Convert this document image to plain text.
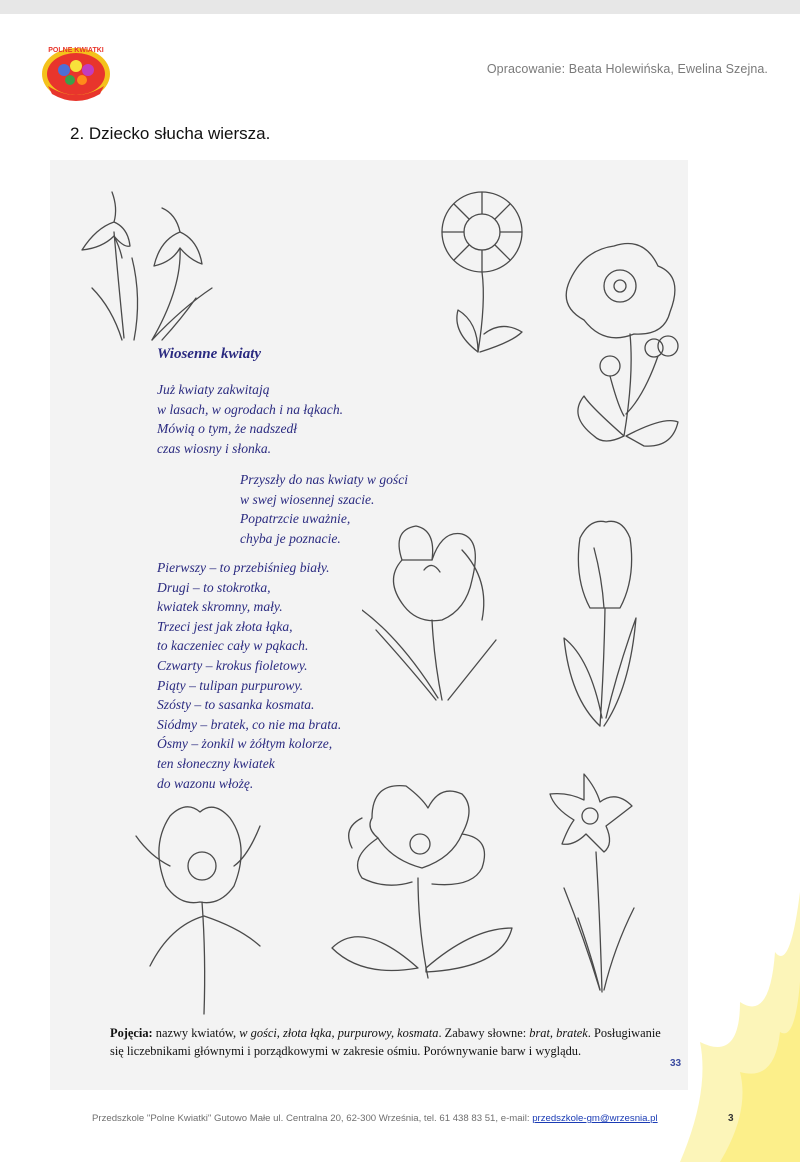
POLNE KWIATKI
Opracowanie: Beata Holewińska, Ewelina Szejna.
2. Dziecko słucha wiersza.
Wiosenne kwiaty
Już kwiaty zakwitają
w lasach, w ogrodach i na łąkach.
Mówią o tym, że nadszedł
czas wiosny i słonka.
Przyszły do nas kwiaty w gości
w swej wiosennej szacie.
Popatrzcie uważnie,
chyba je poznacie.
Pierwszy – to przebiśnieg biały.
Drugi – to stokrotka,
kwiatek skromny, mały.
Trzeci jest jak złota łąka,
to kaczeniec cały w pąkach.
Czwarty – krokus fioletowy.
Piąty – tulipan purpurowy.
Szósty – to sasanka kosmata.
Siódmy – bratek, co nie ma brata.
Ósmy – żonkil w żółtym kolorze,
ten słoneczny kwiatek
do wazonu włożę.
Pojęcia: nazwy kwiatów, w gości, złota łąka, purpurowy, kosmata. Zabawy słowne: brat, bratek. Posługiwanie się liczebnikami głównymi i porządkowymi w zakresie ośmiu. Porównywanie barw i wyglądu.
33
Przedszkole "Polne Kwiatki" Gutowo Małe ul. Centralna 20, 62-300 Września, tel. 61 438 83 51, e-mail: przedszkole-gm@wrzesnia.pl	3
